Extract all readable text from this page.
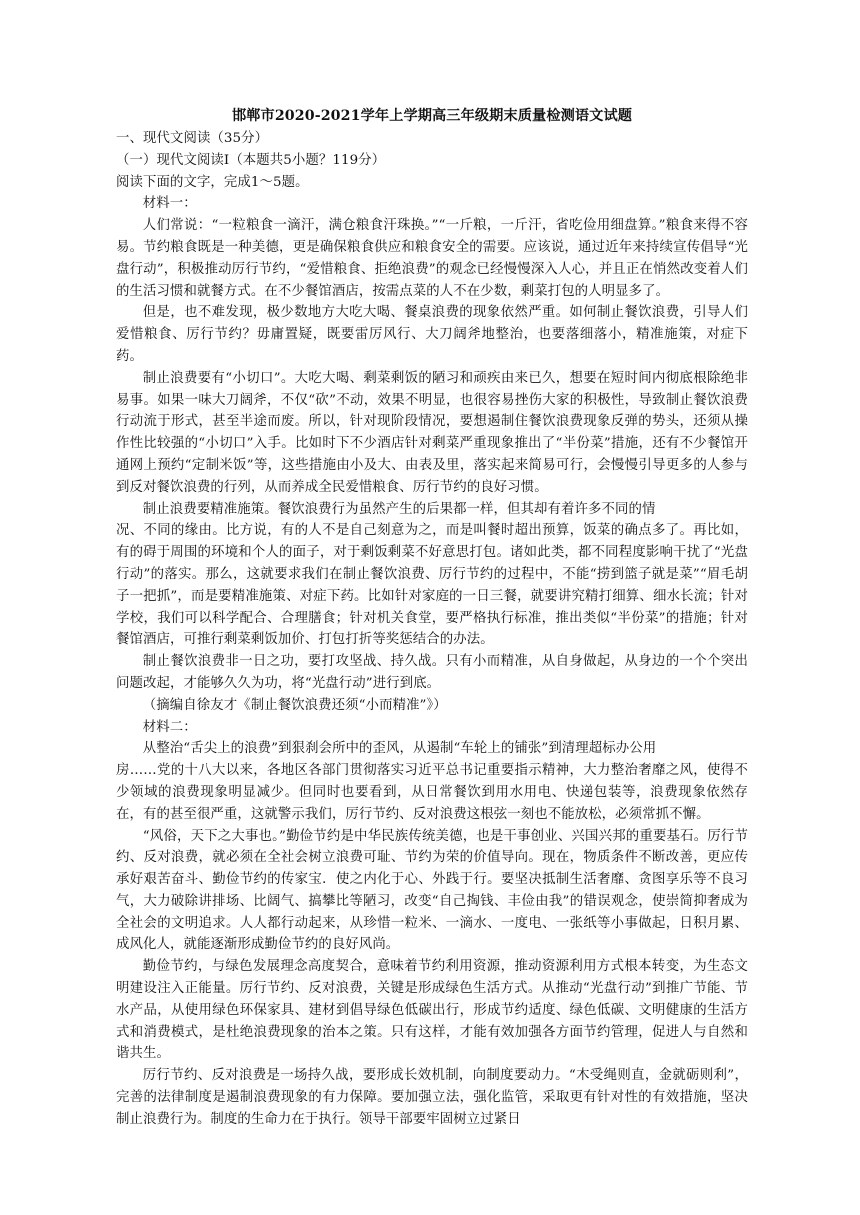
邯郸市2020-2021学年上学期高三年级期末质量检测语文试题

一、现代文阅读（35分）

（一）现代文阅读Ⅰ（本题共5小题？119分）

阅读下面的文字，完成1～5题。

材料一：

人们常说：“一粒粮食一滴汗，满仓粮食汗珠换。”“一斤粮，一斤汗，省吃俭用细盘算。”粮食来得不容易。节约粮食既是一种美德，更是确保粮食供应和粮食安全的需要。应该说，通过近年来持续宣传倡导“光盘行动”，积极推动厉行节约，“爱惜粮食、拒绝浪费”的观念已经慢慢深入人心，并且正在悄然改变着人们的生活习惯和就餐方式。在不少餐馆酒店，按需点菜的人不在少数，剩菜打包的人明显多了。

但是，也不难发现，极少数地方大吃大喝、餐桌浪费的现象依然严重。如何制止餐饮浪费，引导人们爱惜粮食、厉行节约？毋庸置疑，既要雷厉风行、大刀阔斧地整治，也要落细落小，精准施策，对症下药。

制止浪费要有“小切口”。大吃大喝、剩菜剩饭的陋习和顽疾由来已久，想要在短时间内彻底根除绝非易事。如果一味大刀阔斧，不仅“砍”不动，效果不明显，也很容易挫伤大家的积极性，导致制止餐饮浪费行动流于形式，甚至半途而废。所以，针对现阶段情况，要想遏制住餐饮浪费现象反弹的势头，还须从操作性比较强的“小切口”入手。比如时下不少酒店针对剩菜严重现象推出了“半份菜”措施，还有不少餐馆开通网上预约“定制米饭”等，这些措施由小及大、由表及里，落实起来简易可行，会慢慢引导更多的人参与到反对餐饮浪费的行列，从而养成全民爱惜粮食、厉行节约的良好习惯。

制止浪费要精准施策。餐饮浪费行为虽然产生的后果都一样，但其却有着许多不同的情

况、不同的缘由。比方说，有的人不是自己刻意为之，而是叫餐时超出预算，饭菜的确点多了。再比如，有的碍于周围的环境和个人的面子，对于剩饭剩菜不好意思打包。诸如此类，都不同程度影响干扰了“光盘行动”的落实。那么，这就要求我们在制止餐饮浪费、厉行节约的过程中，不能“捞到篮子就是菜”“眉毛胡子一把抓”，而是要精准施策、对症下药。比如针对家庭的一日三餐，就要讲究精打细算、细水长流；针对学校，我们可以科学配合、合理膳食；针对机关食堂，要严格执行标准，推出类似“半份菜”的措施；针对餐馆酒店，可推行剩菜剩饭加价、打包打折等奖惩结合的办法。

制止餐饮浪费非一日之功，要打攻坚战、持久战。只有小而精准，从自身做起，从身边的一个个突出问题改起，才能够久久为功，将“光盘行动”进行到底。

（摘编自徐友才《制止餐饮浪费还须“小而精准”》）

材料二：

从整治“舌尖上的浪费”到狠刹会所中的歪风，从遏制“车轮上的铺张”到清理超标办公用

房……党的十八大以来，各地区各部门贯彻落实习近平总书记重要指示精神，大力整治奢靡之风，使得不少领域的浪费现象明显减少。但同时也要看到，从日常餐饮到用水用电、快递包装等，浪费现象依然存在，有的甚至很严重，这就警示我们，厉行节约、反对浪费这根弦一刻也不能放松，必须常抓不懈。

“风俗，天下之大事也。”勤俭节约是中华民族传统美德，也是干事创业、兴国兴邦的重要基石。厉行节约、反对浪费，就必须在全社会树立浪费可耻、节约为荣的价值导向。现在，物质条件不断改善，更应传承好艰苦奋斗、勤俭节约的传家宝．使之内化于心、外践于行。要坚决抵制生活奢靡、贪图享乐等不良习气，大力破除讲排场、比阔气、搞攀比等陋习，改变“自己掏钱、丰俭由我”的错误观念，使崇简抑奢成为全社会的文明追求。人人都行动起来，从珍惜一粒米、一滴水、一度电、一张纸等小事做起，日积月累、成风化人，就能逐渐形成勤俭节约的良好风尚。

勤俭节约，与绿色发展理念高度契合，意味着节约利用资源，推动资源利用方式根本转变，为生态文明建设注入正能量。厉行节约、反对浪费，关键是形成绿色生活方式。从推动“光盘行动”到推广节能、节水产品，从使用绿色环保家具、建材到倡导绿色低碳出行，形成节约适度、绿色低碳、文明健康的生活方式和消费模式，是杜绝浪费现象的治本之策。只有这样，才能有效加强各方面节约管理，促进人与自然和谐共生。

厉行节约、反对浪费是一场持久战，要形成长效机制，向制度要动力。“木受绳则直，金就砺则利”，完善的法律制度是遏制浪费现象的有力保障。要加强立法，强化监管，采取更有针对性的有效措施，坚决制止浪费行为。制度的生命力在于执行。领导干部要牢固树立过紧日
